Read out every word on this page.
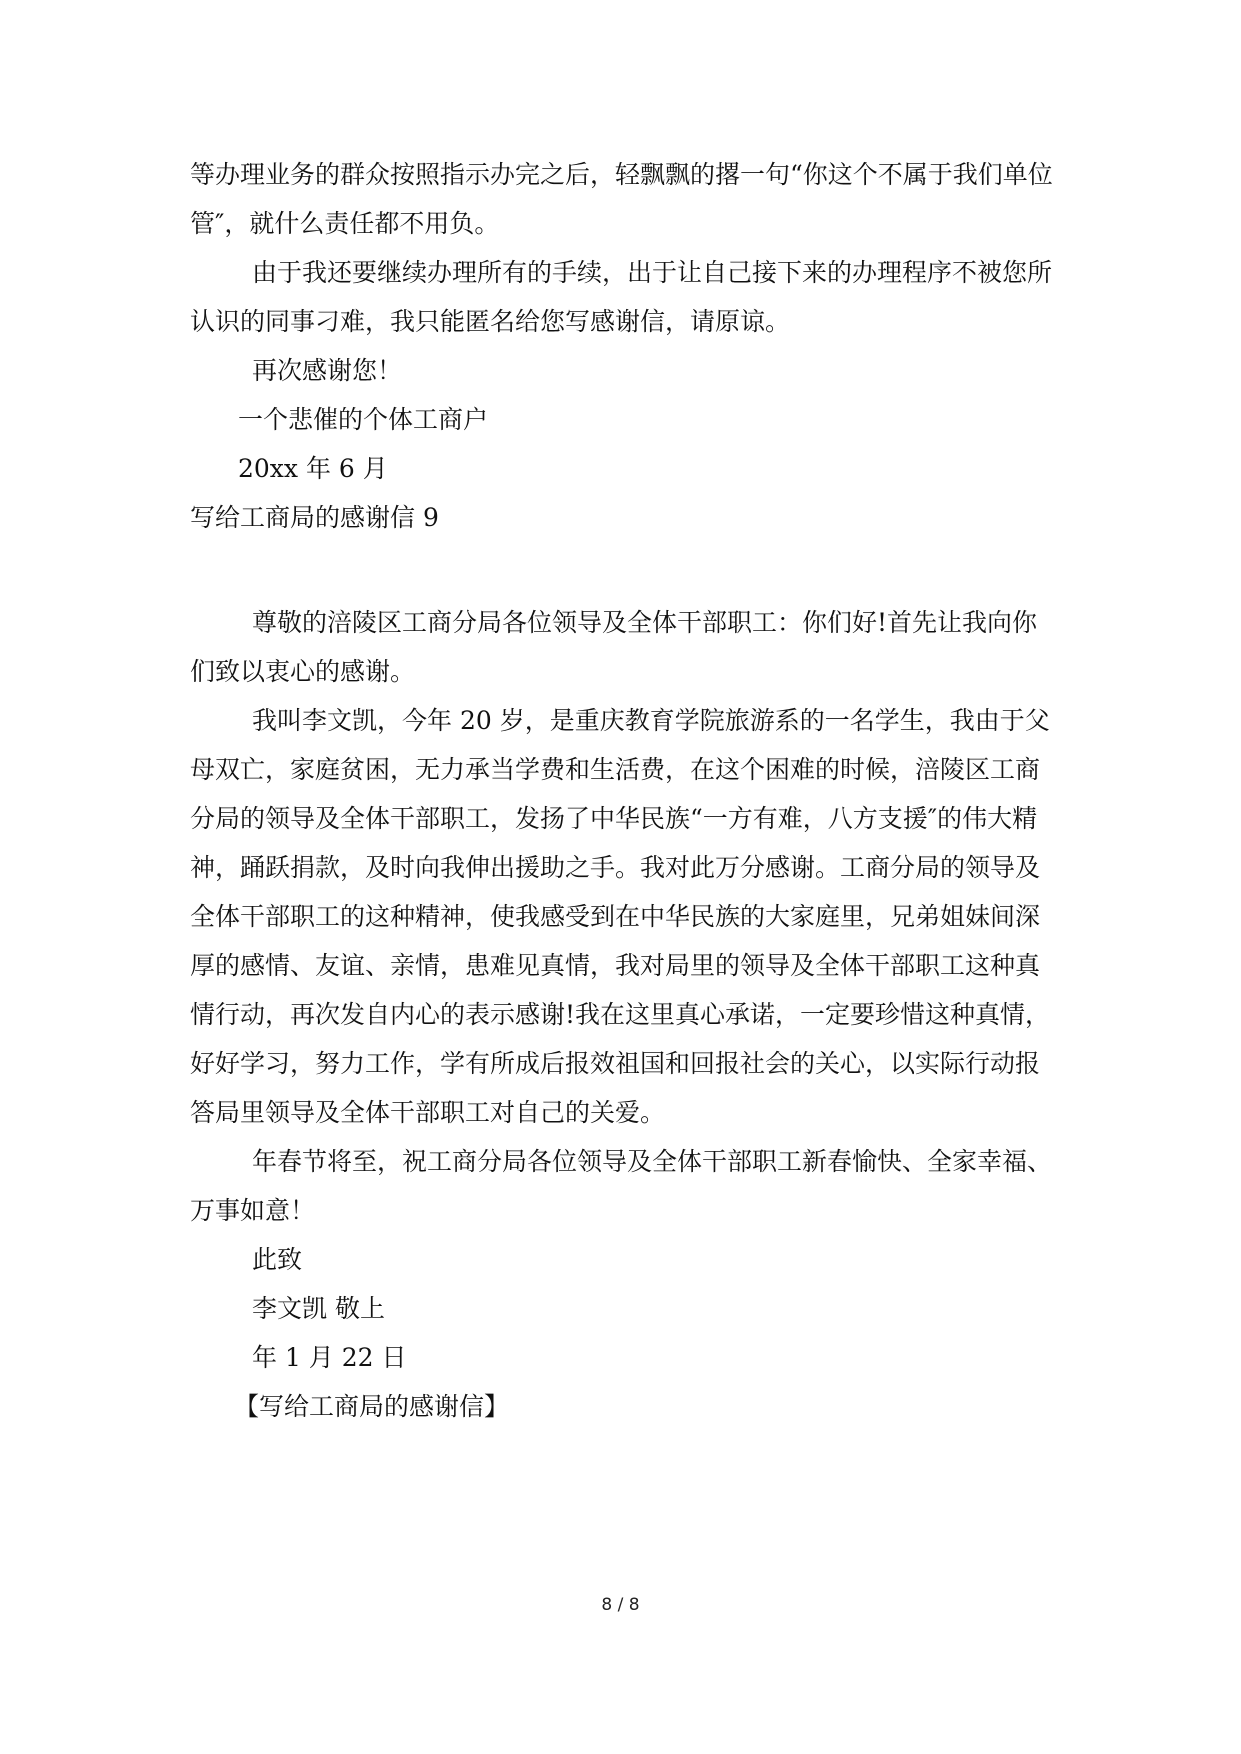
等办理业务的群众按照指示办完之后，轻飘飘的撂一句“你这个不属于我们单位管″，就什么责任都不用负。

由于我还要继续办理所有的手续，出于让自己接下来的办理程序不被您所认识的同事刁难，我只能匿名给您写感谢信，请原谅。

再次感谢您！

一个悲催的个体工商户

20xx 年 6 月

写给工商局的感谢信 9

尊敬的涪陵区工商分局各位领导及全体干部职工：你们好!首先让我向你们致以衷心的感谢。

我叫李文凯，今年 20 岁，是重庆教育学院旅游系的一名学生，我由于父母双亡，家庭贫困，无力承当学费和生活费，在这个困难的时候，涪陵区工商分局的领导及全体干部职工，发扬了中华民族“一方有难，八方支援″的伟大精神，踊跃捐款，及时向我伸出援助之手。我对此万分感谢。工商分局的领导及全体干部职工的这种精神，使我感受到在中华民族的大家庭里，兄弟姐妹间深厚的感情、友谊、亲情，患难见真情，我对局里的领导及全体干部职工这种真情行动，再次发自内心的表示感谢!我在这里真心承诺，一定要珍惜这种真情，好好学习，努力工作，学有所成后报效祖国和回报社会的关心，以实际行动报答局里领导及全体干部职工对自己的关爱。

年春节将至，祝工商分局各位领导及全体干部职工新春愉快、全家幸福、万事如意！

此致

李文凯 敬上

年 1 月 22 日

【写给工商局的感谢信】

8 / 8
